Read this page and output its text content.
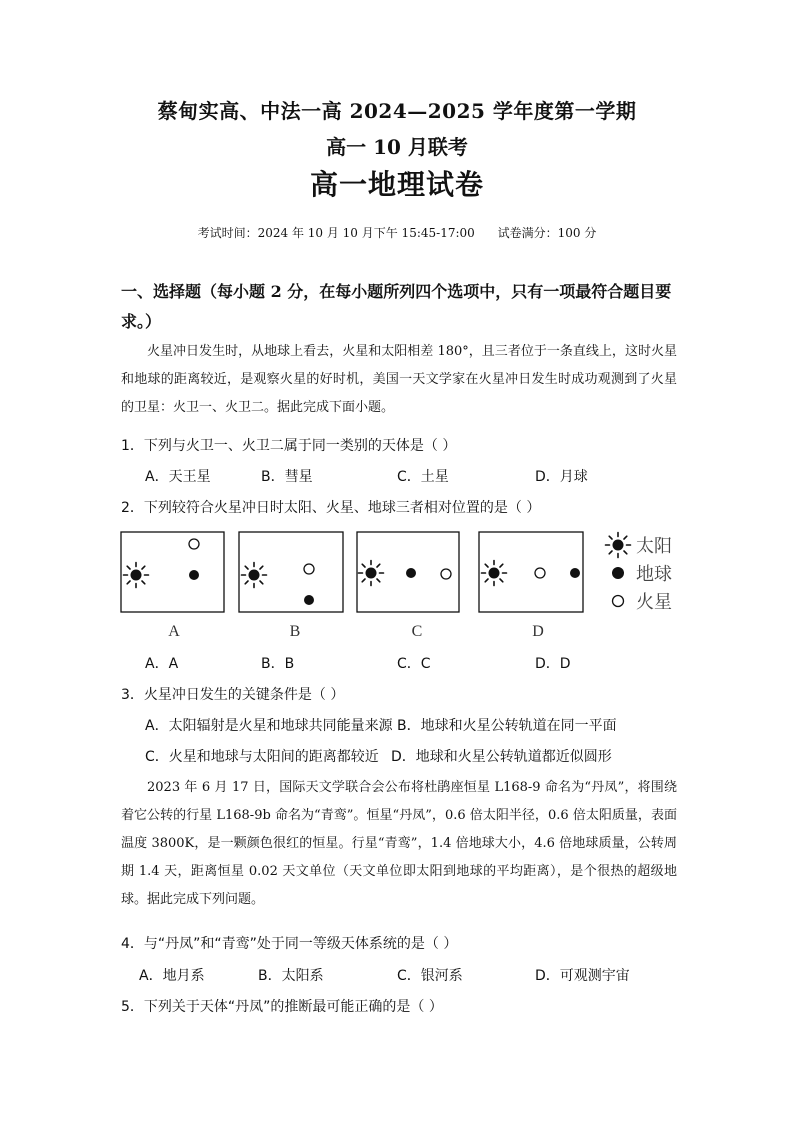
蔡甸实高、中法一高 2024—2025 学年度第一学期
高一 10 月联考
高一地理试卷
考试时间：2024 年 10 月 10 月下午 15:45-17:00      试卷满分：100 分
一、选择题（每小题 2 分，在每小题所列四个选项中，只有一项最符合题目要求。）
火星冲日发生时，从地球上看去，火星和太阳相差 180°，且三者位于一条直线上，这时火星和地球的距离较近，是观察火星的好时机，美国一天文学家在火星冲日发生时成功观测到了火星的卫星：火卫一、火卫二。据此完成下面小题。
1．下列与火卫一、火卫二属于同一类别的天体是（ ）
A．天王星	B．彗星	C．土星	D．月球
2．下列较符合火星冲日时太阳、火星、地球三者相对位置的是（ ）
A	B	C	D
太阳
地球
火星
A．A	B．B	C．C	D．D
3．火星冲日发生的关键条件是（ ）
A．太阳辐射是火星和地球共同能量来源 B．地球和火星公转轨道在同一平面
C．火星和地球与太阳间的距离都较近 D．地球和火星公转轨道都近似圆形
2023 年 6 月 17 日，国际天文学联合会公布将杜鹃座恒星 L168-9 命名为“丹凤”，将围绕着它公转的行星 L168-9b 命名为“青鸾”。恒星“丹凤”，0.6 倍太阳半径，0.6 倍太阳质量，表面温度 3800K，是一颗颜色很红的恒星。行星“青鸾”，1.4 倍地球大小，4.6 倍地球质量，公转周期 1.4 天，距离恒星 0.02 天文单位（天文单位即太阳到地球的平均距离），是个很热的超级地球。据此完成下列问题。
4．与“丹凤”和“青鸾”处于同一等级天体系统的是（ ）
A．地月系	B．太阳系	C．银河系	D．可观测宇宙
5．下列关于天体“丹凤”的推断最可能正确的是（ ）
